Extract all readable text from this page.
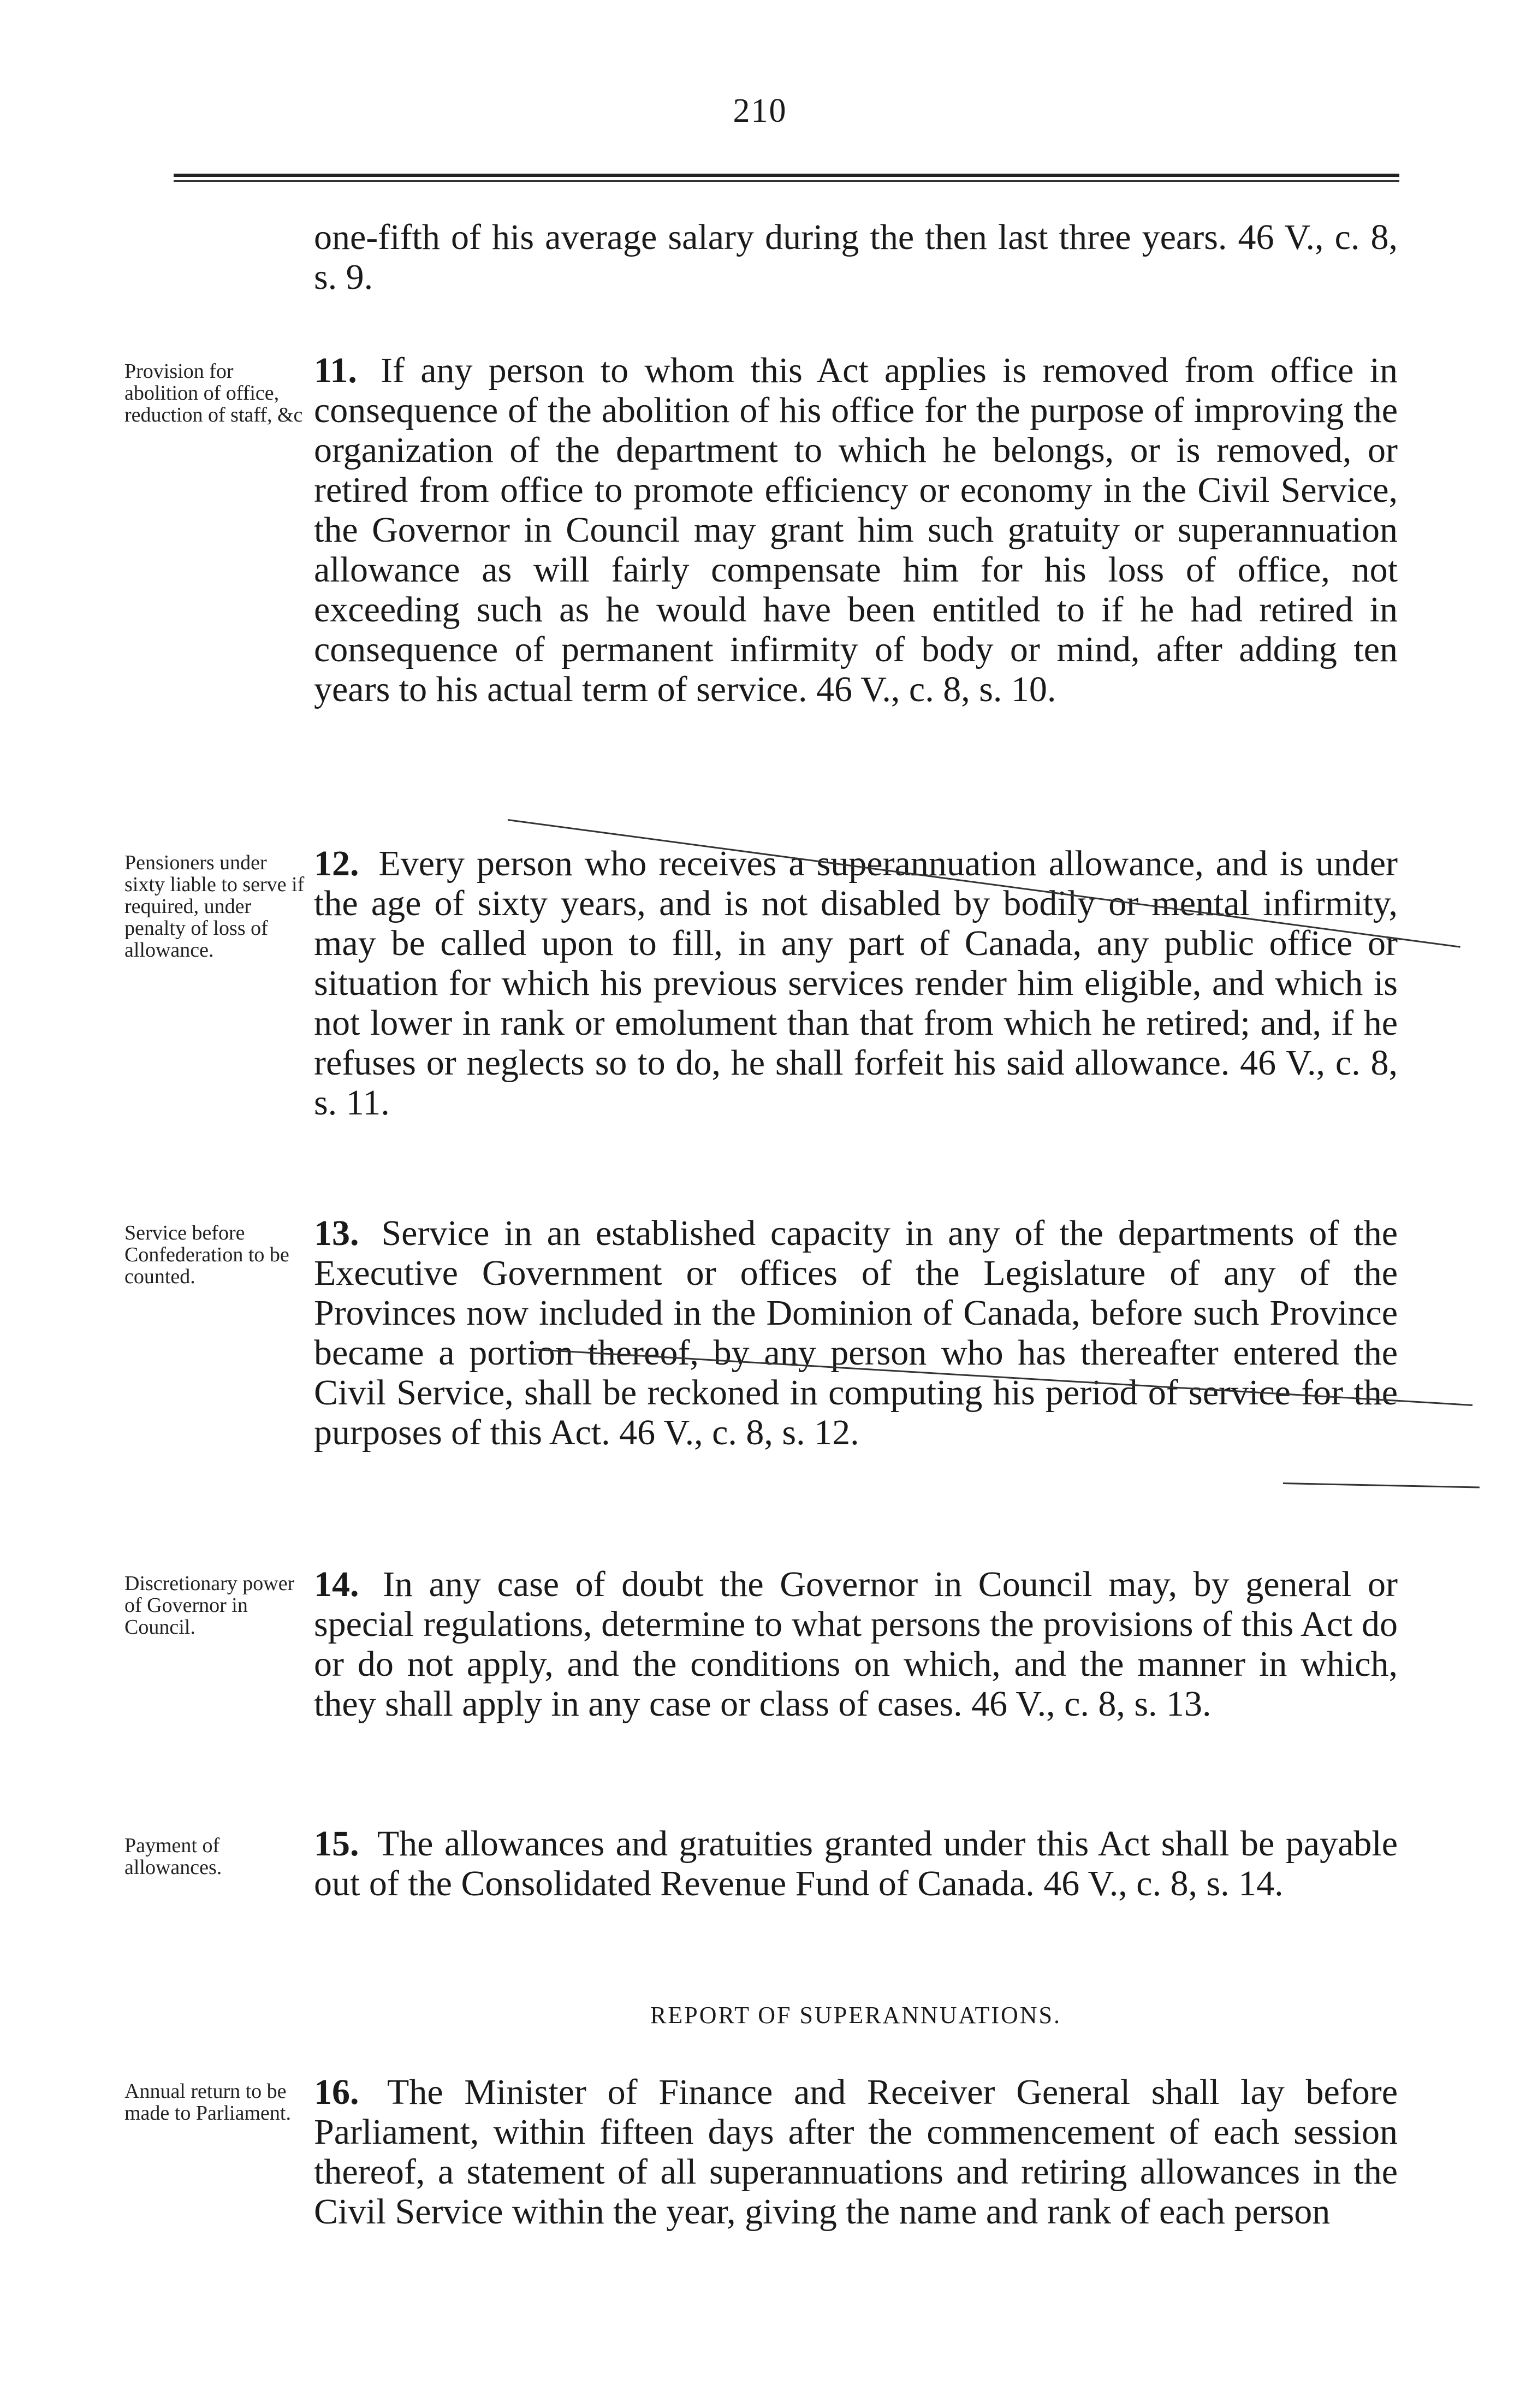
210
one-fifth of his average salary during the then last three years. 46 V., c. 8, s. 9.
Provision for abolition of office, reduction of staff, &c
11. If any person to whom this Act applies is removed from office in consequence of the abolition of his office for the purpose of improving the organization of the department to which he belongs, or is removed, or retired from office to promote efficiency or economy in the Civil Service, the Governor in Council may grant him such gratuity or superannuation allowance as will fairly compensate him for his loss of office, not exceeding such as he would have been entitled to if he had retired in consequence of permanent infirmity of body or mind, after adding ten years to his actual term of service. 46 V., c. 8, s. 10.
Pensioners under sixty liable to serve if required, under penalty of loss of allowance.
12. Every person who receives a superannuation allowance, and is under the age of sixty years, and is not disabled by bodily or mental infirmity, may be called upon to fill, in any part of Canada, any public office or situation for which his previous services render him eligible, and which is not lower in rank or emolument than that from which he retired; and, if he refuses or neglects so to do, he shall forfeit his said allowance. 46 V., c. 8, s. 11.
Service before Confederation to be counted.
13. Service in an established capacity in any of the departments of the Executive Government or offices of the Legislature of any of the Provinces now included in the Dominion of Canada, before such Province became a portion thereof, by any person who has thereafter entered the Civil Service, shall be reckoned in computing his period of service for the purposes of this Act. 46 V., c. 8, s. 12.
Discretionary power of Governor in Council.
14. In any case of doubt the Governor in Council may, by general or special regulations, determine to what persons the provisions of this Act do or do not apply, and the conditions on which, and the manner in which, they shall apply in any case or class of cases. 46 V., c. 8, s. 13.
Payment of allowances.
15. The allowances and gratuities granted under this Act shall be payable out of the Consolidated Revenue Fund of Canada. 46 V., c. 8, s. 14.
REPORT OF SUPERANNUATIONS.
Annual return to be made to Parliament.
16. The Minister of Finance and Receiver General shall lay before Parliament, within fifteen days after the commencement of each session thereof, a statement of all superannuations and retiring allowances in the Civil Service within the year, giving the name and rank of each person
